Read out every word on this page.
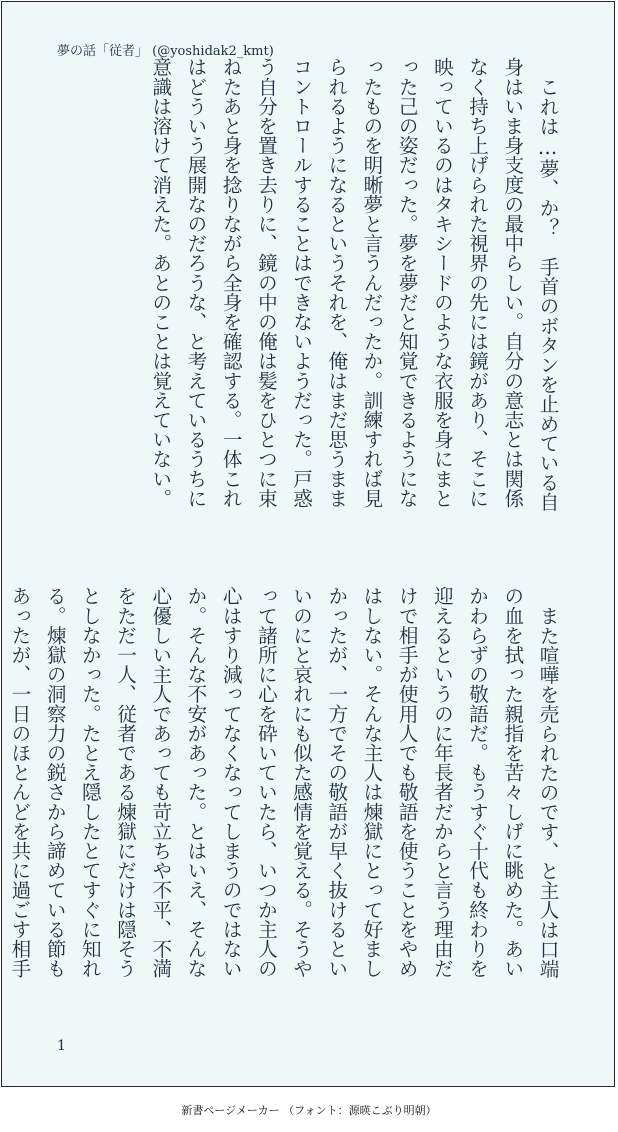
夢の話「従者」 (@yoshidak2_kmt)

これは…夢、か？　手首のボタンを止めている自身はいま身支度の最中らしい。自分の意志とは関係なく持ち上げられた視界の先には鏡があり、そこに映っているのはタキシードのような衣服を身にまとった己の姿だった。夢を夢だと知覚できるようになったものを明晰夢と言うんだったか。訓練すれば見られるようになるというそれを、俺はまだ思うままコントロールすることはできないようだった。戸惑う自分を置き去りに、鏡の中の俺は髪をひとつに束ねたあと身を捻りながら全身を確認する。一体これはどういう展開なのだろうな、と考えているうちに意識は溶けて消えた。あとのことは覚えていない。

また喧嘩を売られたのです、と主人は口端の血を拭った親指を苦々しげに眺めた。あいかわらずの敬語だ。もうすぐ十代も終わりを迎えるというのに年長者だからと言う理由だけで相手が使用人でも敬語を使うことをやめはしない。そんな主人は煉獄にとって好ましかったが、一方でその敬語が早く抜けるといいのにと哀れにも似た感情を覚える。そうやって諸所に心を砕いていたら、いつか主人の心はすり減ってなくなってしまうのではないか。そんな不安があった。とはいえ、そんな心優しい主人であっても苛立ちや不平、不満をただ一人、従者である煉獄にだけは隠そうとしなかった。たとえ隠したとてすぐに知れる。煉獄の洞察力の鋭さから諦めている節もあったが、一日のほとんどを共に過ごす相手

1
新書ページメーカー （フォント：源暎こぶり明朝）
